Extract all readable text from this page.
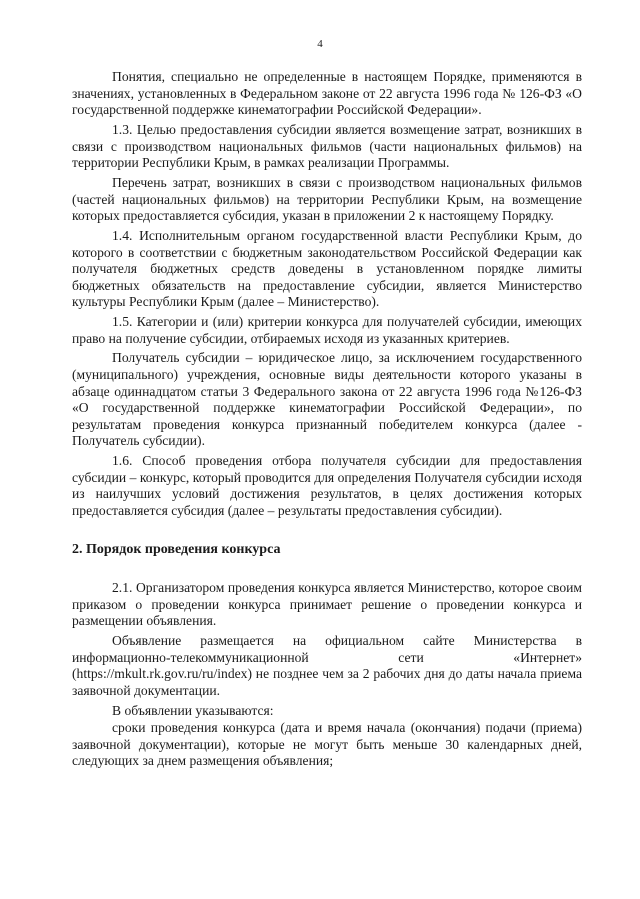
4

Понятия, специально не определенные в настоящем Порядке, применяются в значениях, установленных в Федеральном законе от 22 августа 1996 года № 126-ФЗ «О государственной поддержке кинематографии Российской Федерации».

1.3. Целью предоставления субсидии является возмещение затрат, возникших в связи с производством национальных фильмов (части национальных фильмов) на территории Республики Крым, в рамках реализации Программы.

Перечень затрат, возникших в связи с производством национальных фильмов (частей национальных фильмов) на территории Республики Крым, на возмещение которых предоставляется субсидия, указан в приложении 2 к настоящему Порядку.

1.4. Исполнительным органом государственной власти Республики Крым, до которого в соответствии с бюджетным законодательством Российской Федерации как получателя бюджетных средств доведены в установленном порядке лимиты бюджетных обязательств на предоставление субсидии, является Министерство культуры Республики Крым (далее – Министерство).

1.5. Категории и (или) критерии конкурса для получателей субсидии, имеющих право на получение субсидии, отбираемых исходя из указанных критериев.

Получатель субсидии – юридическое лицо, за исключением государственного (муниципального) учреждения, основные виды деятельности которого указаны в абзаце одиннадцатом статьи 3 Федерального закона от 22 августа 1996 года №126-ФЗ «О государственной поддержке кинематографии Российской Федерации», по результатам проведения конкурса признанный победителем конкурса (далее - Получатель субсидии).

1.6. Способ проведения отбора получателя субсидии для предоставления субсидии – конкурс, который проводится для определения Получателя субсидии исходя из наилучших условий достижения результатов, в целях достижения которых предоставляется субсидия (далее – результаты предоставления субсидии).

2. Порядок проведения конкурса

2.1. Организатором проведения конкурса является Министерство, которое своим приказом о проведении конкурса принимает решение о проведении конкурса и размещении объявления.

Объявление размещается на официальном сайте Министерства в информационно-телекоммуникационной сети «Интернет» (https://mkult.rk.gov.ru/ru/index) не позднее чем за 2 рабочих дня до даты начала приема заявочной документации.

В объявлении указываются:

сроки проведения конкурса (дата и время начала (окончания) подачи (приема) заявочной документации), которые не могут быть меньше 30 календарных дней, следующих за днем размещения объявления;
